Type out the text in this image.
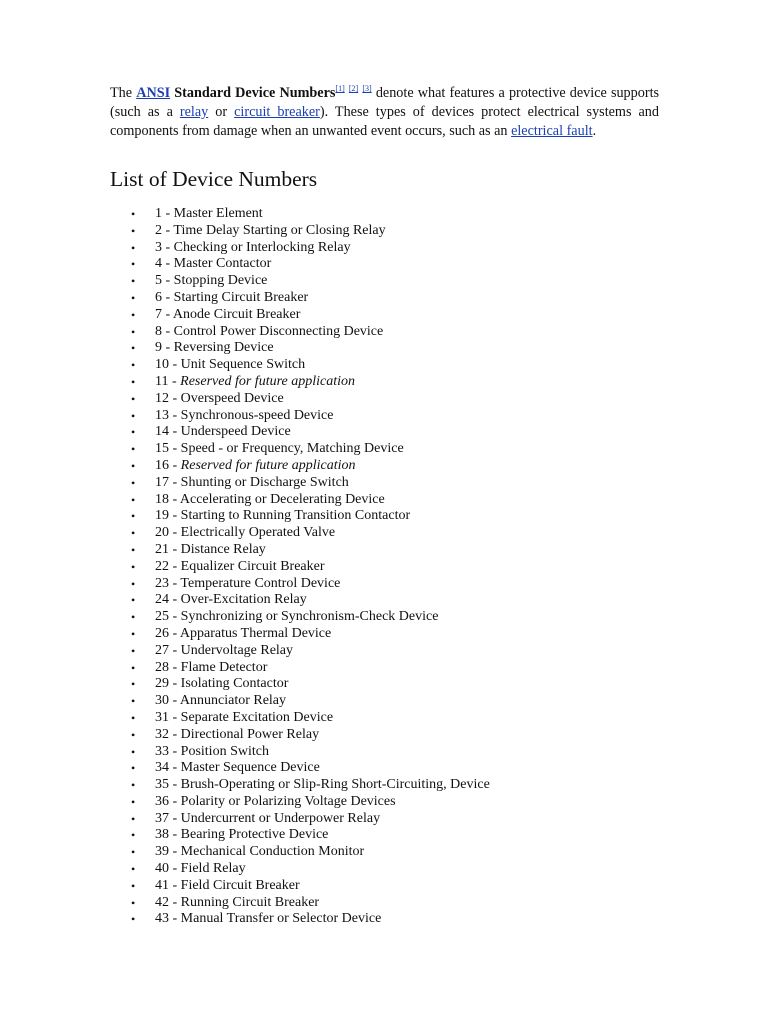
The ANSI Standard Device Numbers[1] [2] [3] denote what features a protective device supports (such as a relay or circuit breaker). These types of devices protect electrical systems and components from damage when an unwanted event occurs, such as an electrical fault.

List of Device Numbers
• 1 - Master Element
• 2 - Time Delay Starting or Closing Relay
• 3 - Checking or Interlocking Relay
• 4 - Master Contactor
• 5 - Stopping Device
• 6 - Starting Circuit Breaker
• 7 - Anode Circuit Breaker
• 8 - Control Power Disconnecting Device
• 9 - Reversing Device
• 10 - Unit Sequence Switch
• 11 - Reserved for future application
• 12 - Overspeed Device
• 13 - Synchronous-speed Device
• 14 - Underspeed Device
• 15 - Speed - or Frequency, Matching Device
• 16 - Reserved for future application
• 17 - Shunting or Discharge Switch
• 18 - Accelerating or Decelerating Device
• 19 - Starting to Running Transition Contactor
• 20 - Electrically Operated Valve
• 21 - Distance Relay
• 22 - Equalizer Circuit Breaker
• 23 - Temperature Control Device
• 24 - Over-Excitation Relay
• 25 - Synchronizing or Synchronism-Check Device
• 26 - Apparatus Thermal Device
• 27 - Undervoltage Relay
• 28 - Flame Detector
• 29 - Isolating Contactor
• 30 - Annunciator Relay
• 31 - Separate Excitation Device
• 32 - Directional Power Relay
• 33 - Position Switch
• 34 - Master Sequence Device
• 35 - Brush-Operating or Slip-Ring Short-Circuiting, Device
• 36 - Polarity or Polarizing Voltage Devices
• 37 - Undercurrent or Underpower Relay
• 38 - Bearing Protective Device
• 39 - Mechanical Conduction Monitor
• 40 - Field Relay
• 41 - Field Circuit Breaker
• 42 - Running Circuit Breaker
• 43 - Manual Transfer or Selector Device
